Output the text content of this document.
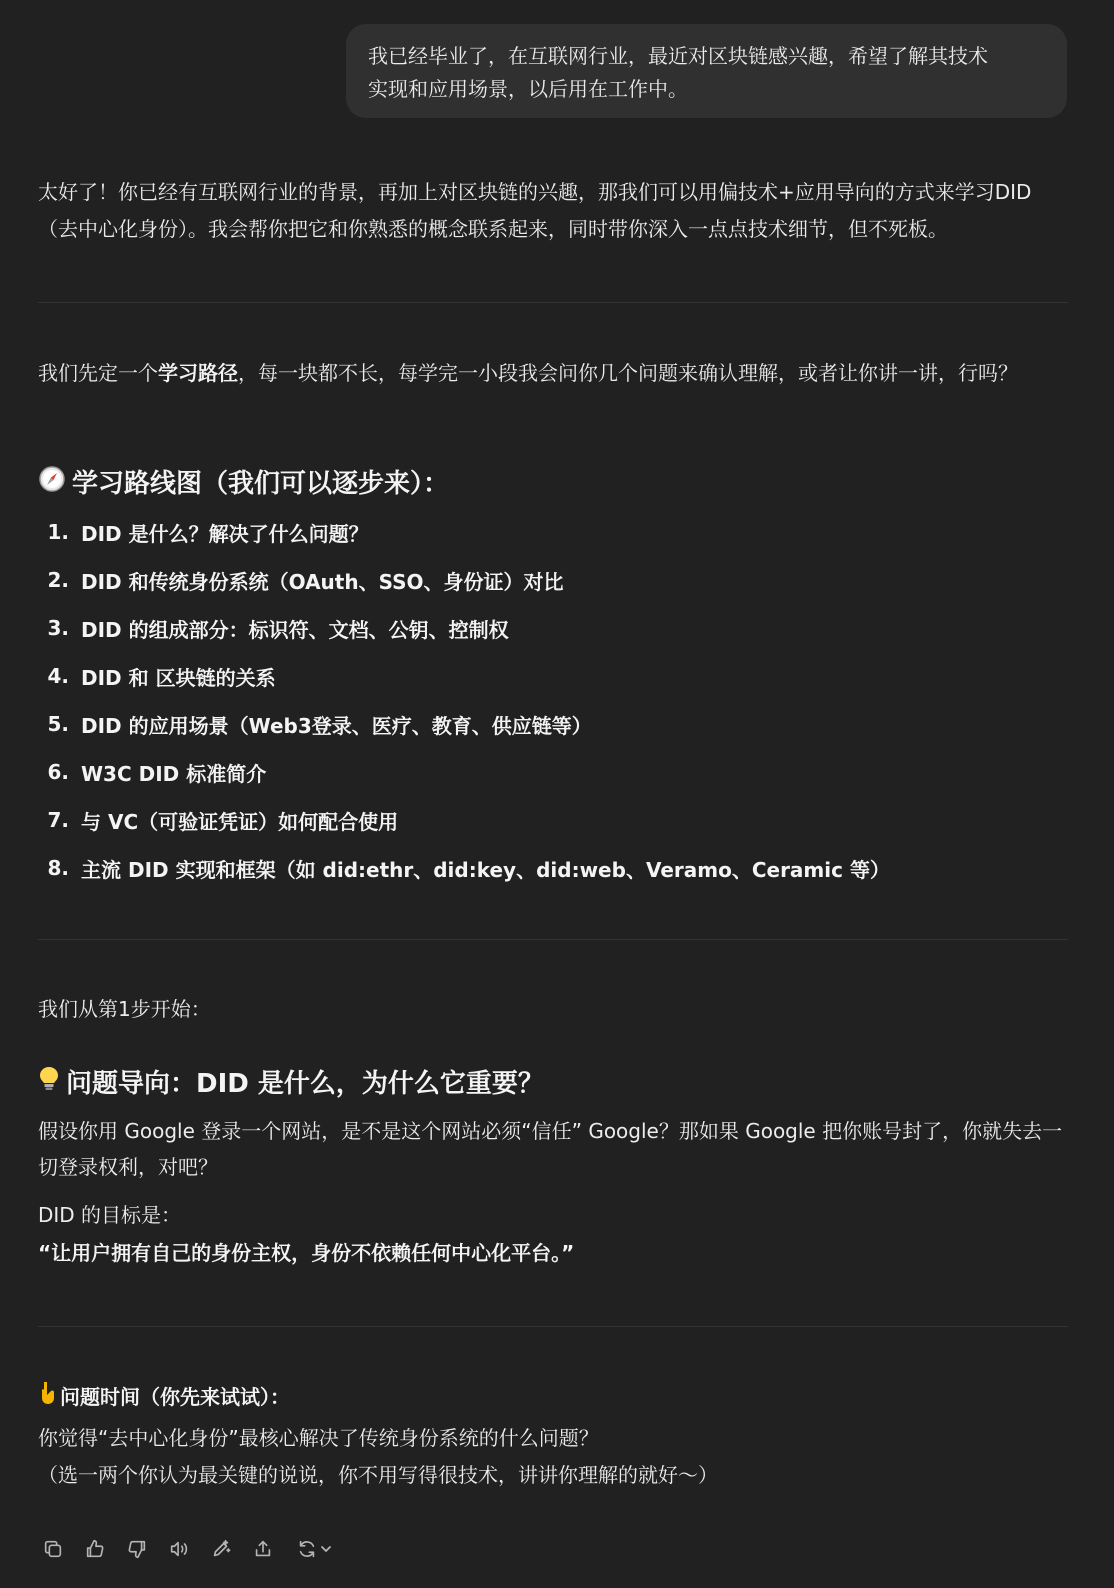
我已经毕业了，在互联网行业，最近对区块链感兴趣，希望了解其技术
实现和应用场景，以后用在工作中。
太好了！你已经有互联网行业的背景，再加上对区块链的兴趣，那我们可以用偏技术+应用导向的方式来学习DID（去中心化身份）。我会帮你把它和你熟悉的概念联系起来，同时带你深入一点点技术细节，但不死板。
我们先定一个学习路径，每一块都不长，每学完一小段我会问你几个问题来确认理解，或者让你讲一讲，行吗？
学习路线图（我们可以逐步来）：
1. DID 是什么？解决了什么问题？
2. DID 和传统身份系统（OAuth、SSO、身份证）对比
3. DID 的组成部分：标识符、文档、公钥、控制权
4. DID 和 区块链的关系
5. DID 的应用场景（Web3登录、医疗、教育、供应链等）
6. W3C DID 标准简介
7. 与 VC（可验证凭证）如何配合使用
8. 主流 DID 实现和框架（如 did:ethr、did:key、did:web、Veramo、Ceramic 等）
我们从第1步开始：
问题导向：DID 是什么，为什么它重要？
假设你用 Google 登录一个网站，是不是这个网站必须“信任” Google？那如果 Google 把你账号封了，你就失去一切登录权利，对吧？
DID 的目标是：
“让用户拥有自己的身份主权，身份不依赖任何中心化平台。”
问题时间（你先来试试）：
你觉得“去中心化身份”最核心解决了传统身份系统的什么问题？
（选一两个你认为最关键的说说，你不用写得很技术，讲讲你理解的就好～）
